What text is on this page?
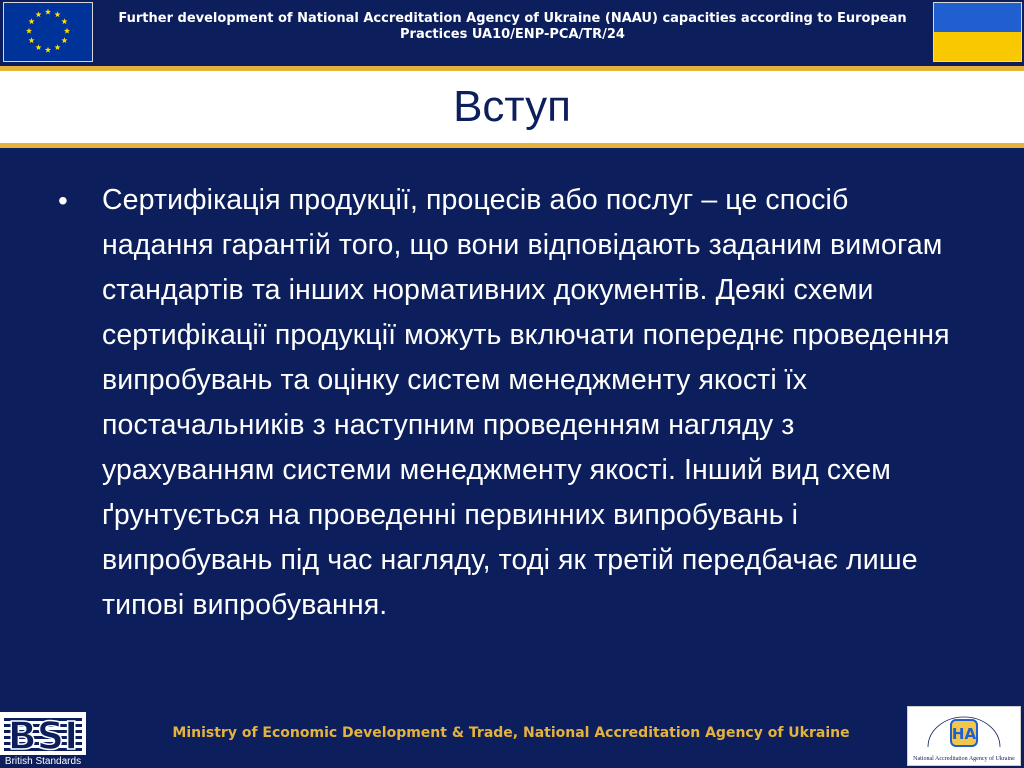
Further development of National Accreditation Agency of Ukraine (NAAU) capacities according to European Practices UA10/ENP-PCA/TR/24
Вступ
• Сертифікація продукції, процесів або послуг – це спосіб надання гарантій того, що вони відповідають заданим вимогам стандартів та інших нормативних документів. Деякі схеми сертифікації продукції можуть включати попереднє проведення випробувань та оцінку систем менеджменту якості їх постачальників з наступним проведенням нагляду з урахуванням системи менеджменту якості. Інший вид схем ґрунтується на проведенні первинних випробувань і випробувань під час нагляду, тоді як третій передбачає лише типові випробування.
BSI
British Standards
Ministry of Economic Development & Trade, National Accreditation Agency of Ukraine	НА
National Accreditation Agency of Ukraine
